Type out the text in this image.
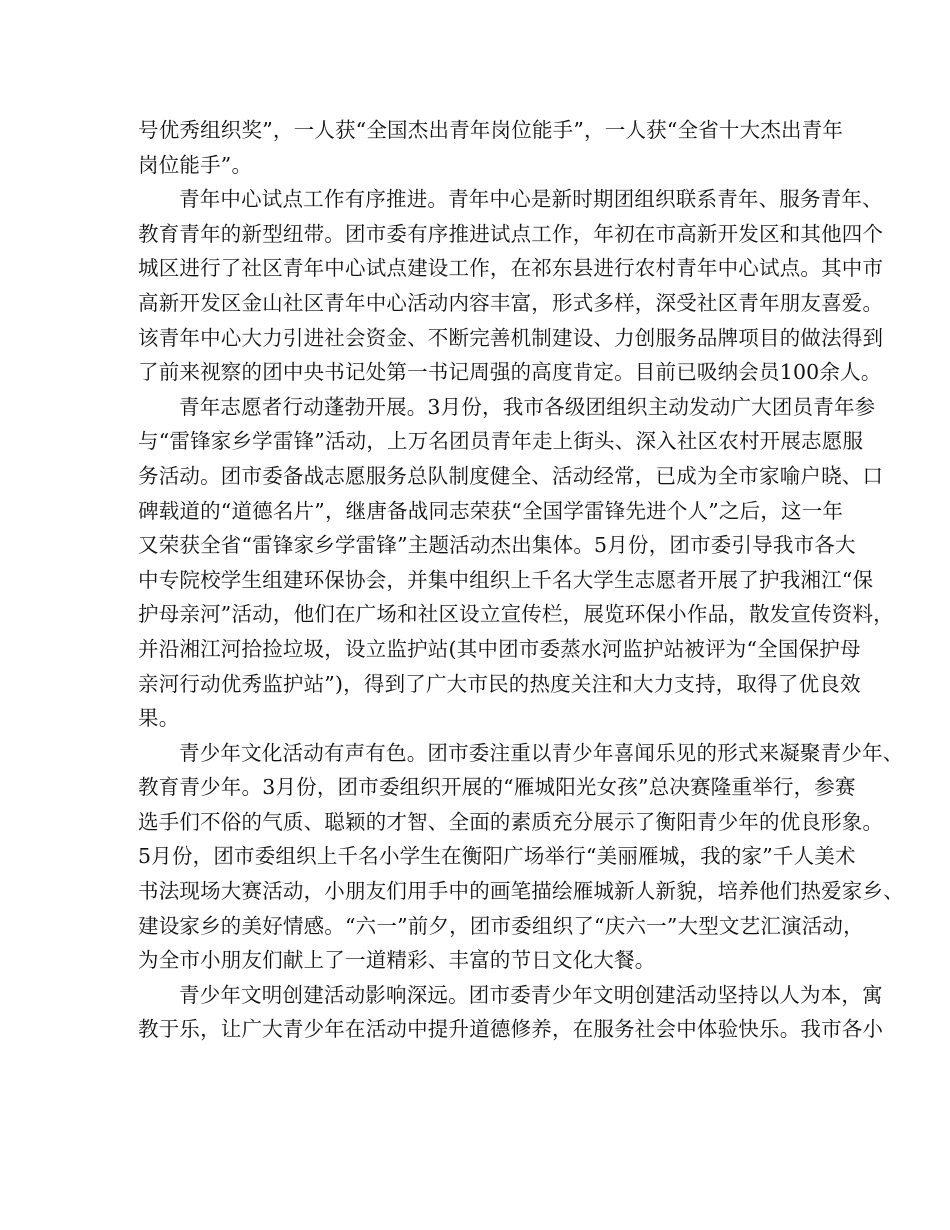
号优秀组织奖”，一人获“全国杰出青年岗位能手”，一人获“全省十大杰出青年
岗位能手”。
青年中心试点工作有序推进。青年中心是新时期团组织联系青年、服务青年、
教育青年的新型纽带。团市委有序推进试点工作，年初在市高新开发区和其他四个
城区进行了社区青年中心试点建设工作，在祁东县进行农村青年中心试点。其中市
高新开发区金山社区青年中心活动内容丰富，形式多样，深受社区青年朋友喜爱。
该青年中心大力引进社会资金、不断完善机制建设、力创服务品牌项目的做法得到
了前来视察的团中央书记处第一书记周强的高度肯定。目前已吸纳会员100余人。
青年志愿者行动蓬勃开展。3月份，我市各级团组织主动发动广大团员青年参
与“雷锋家乡学雷锋”活动，上万名团员青年走上街头、深入社区农村开展志愿服
务活动。团市委备战志愿服务总队制度健全、活动经常，已成为全市家喻户晓、口
碑载道的“道德名片”，继唐备战同志荣获“全国学雷锋先进个人”之后，这一年
又荣获全省“雷锋家乡学雷锋”主题活动杰出集体。5月份，团市委引导我市各大
中专院校学生组建环保协会，并集中组织上千名大学生志愿者开展了护我湘江“保
护母亲河”活动，他们在广场和社区设立宣传栏，展览环保小作品，散发宣传资料，
并沿湘江河拾捡垃圾，设立监护站(其中团市委蒸水河监护站被评为“全国保护母
亲河行动优秀监护站”)，得到了广大市民的热度关注和大力支持，取得了优良效
果。
青少年文化活动有声有色。团市委注重以青少年喜闻乐见的形式来凝聚青少年、
教育青少年。3月份，团市委组织开展的“雁城阳光女孩”总决赛隆重举行，参赛
选手们不俗的气质、聪颖的才智、全面的素质充分展示了衡阳青少年的优良形象。
5月份，团市委组织上千名小学生在衡阳广场举行“美丽雁城，我的家”千人美术
书法现场大赛活动，小朋友们用手中的画笔描绘雁城新人新貌，培养他们热爱家乡、
建设家乡的美好情感。“六一”前夕，团市委组织了“庆六一”大型文艺汇演活动，
为全市小朋友们献上了一道精彩、丰富的节日文化大餐。
青少年文明创建活动影响深远。团市委青少年文明创建活动坚持以人为本，寓
教于乐，让广大青少年在活动中提升道德修养，在服务社会中体验快乐。我市各小
